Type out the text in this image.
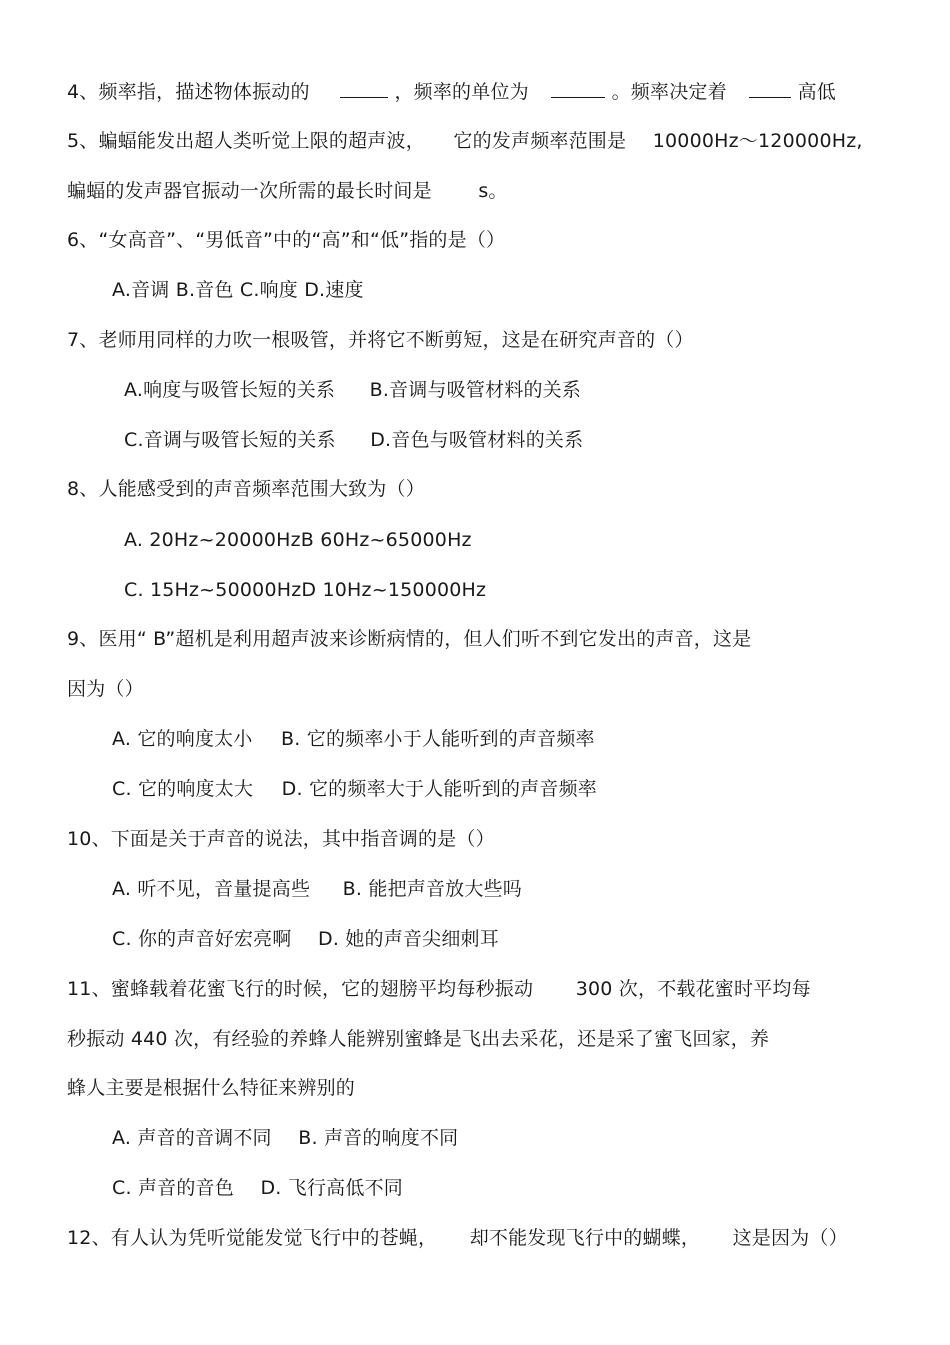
4、频率指，描述物体振动的	，频率的单位为	。频率决定着	高低
5、蝙蝠能发出超人类听觉上限的超声波， 它的发声频率范围是 10000Hz～120000Hz,
蝙蝠的发声器官振动一次所需的最长时间是 s。
6、“女高音”、“男低音”中的“高”和“低”指的是（）
A.音调 B.音色 C.响度 D.速度
7、老师用同样的力吹一根吸管，并将它不断剪短，这是在研究声音的（）
A.响度与吸管长短的关系 B.音调与吸管材料的关系
C.音调与吸管长短的关系 D.音色与吸管材料的关系
8、人能感受到的声音频率范围大致为（）
A. 20Hz~20000HzB 60Hz~65000Hz
C. 15Hz~50000HzD 10Hz~150000Hz
9、医用“ B”超机是利用超声波来诊断病情的，但人们听不到它发出的声音，这是
因为（）
A. 它的响度太小 B. 它的频率小于人能听到的声音频率
C. 它的响度太大 D. 它的频率大于人能听到的声音频率
10、下面是关于声音的说法，其中指音调的是（）
A. 听不见，音量提高些 B. 能把声音放大些吗
C. 你的声音好宏亮啊 D. 她的声音尖细刺耳
11、蜜蜂载着花蜜飞行的时候，它的翅膀平均每秒振动 300 次，不载花蜜时平均每
秒振动 440 次，有经验的养蜂人能辨别蜜蜂是飞出去采花，还是采了蜜飞回家，养
蜂人主要是根据什么特征来辨别的
A. 声音的音调不同 B. 声音的响度不同
C. 声音的音色 D. 飞行高低不同
12、有人认为凭听觉能发觉飞行中的苍蝇， 却不能发现飞行中的蝴蝶， 这是因为（）
